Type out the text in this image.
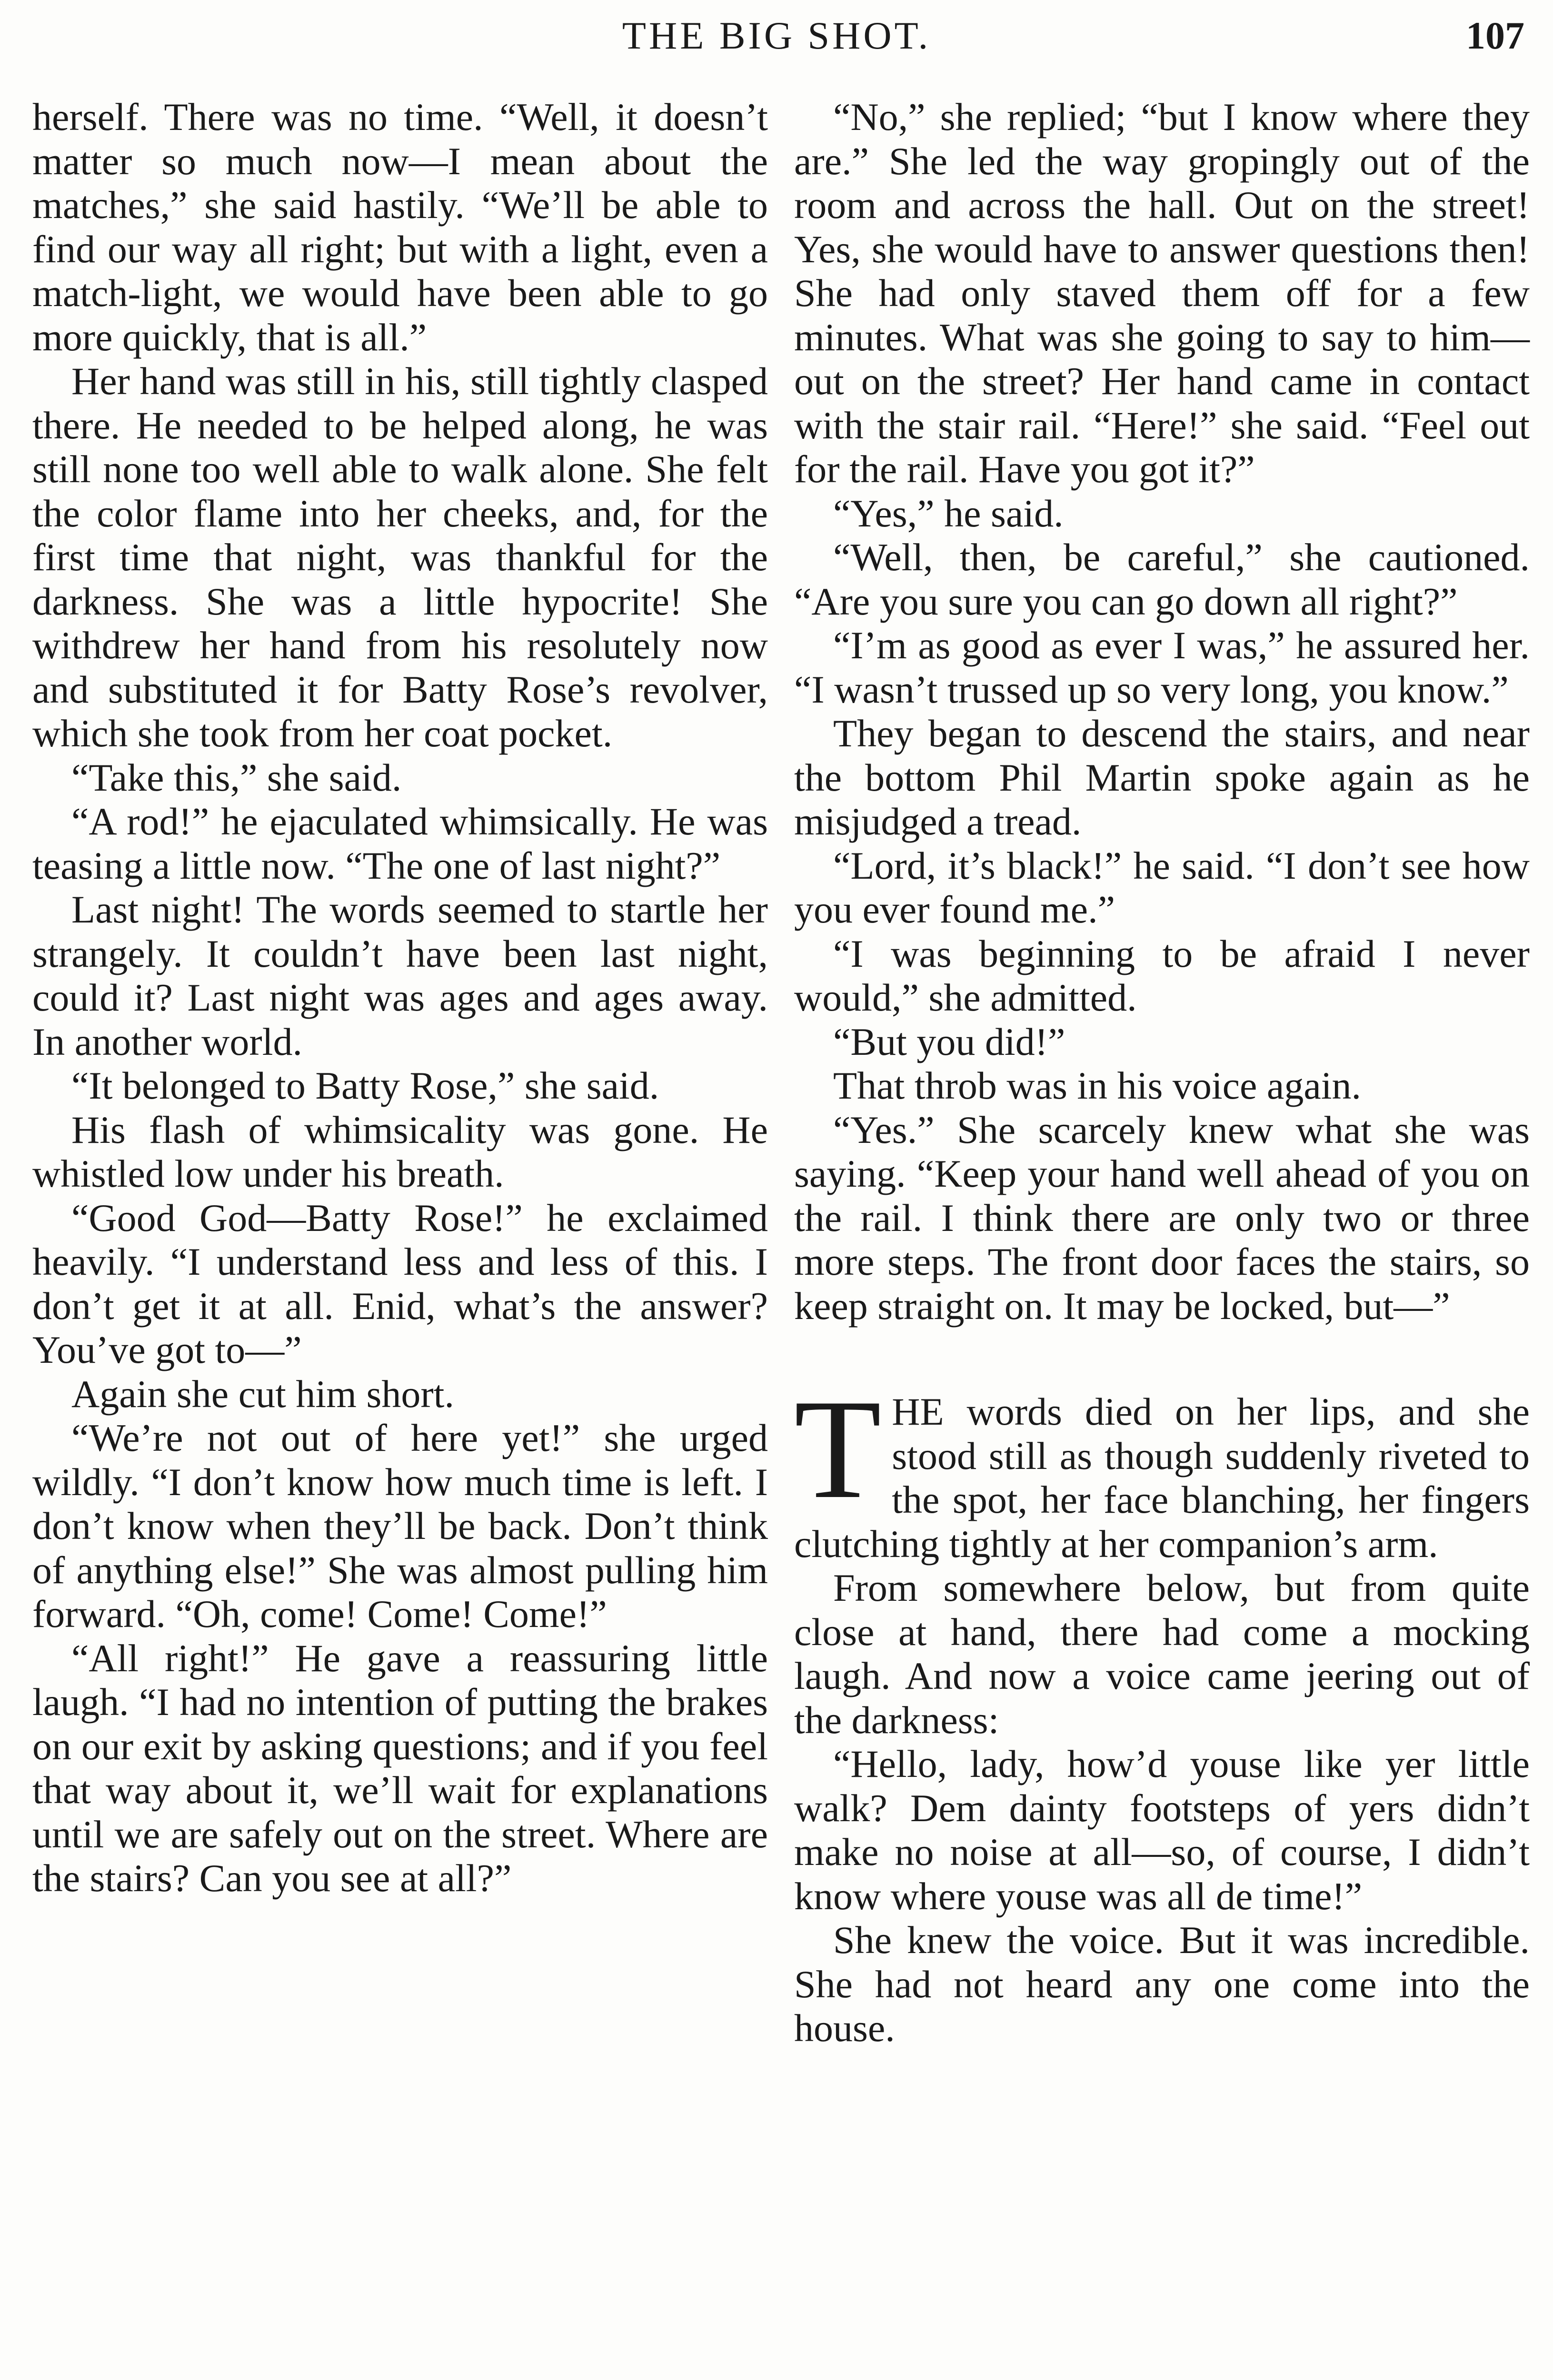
THE BIG SHOT.	107

herself. There was no time. “Well, it doesn’t matter so much now—I mean about the matches,” she said hastily. “We’ll be able to find our way all right; but with a light, even a match-light, we would have been able to go more quickly, that is all.”

Her hand was still in his, still tightly clasped there. He needed to be helped along, he was still none too well able to walk alone. She felt the color flame into her cheeks, and, for the first time that night, was thankful for the darkness. She was a little hypocrite! She withdrew her hand from his resolutely now and substituted it for Batty Rose’s revolver, which she took from her coat pocket.

“Take this,” she said.

“A rod!” he ejaculated whimsically. He was teasing a little now. “The one of last night?”

Last night! The words seemed to startle her strangely. It couldn’t have been last night, could it? Last night was ages and ages away. In another world.

“It belonged to Batty Rose,” she said.

His flash of whimsicality was gone. He whistled low under his breath.

“Good God—Batty Rose!” he exclaimed heavily. “I understand less and less of this. I don’t get it at all. Enid, what’s the answer? You’ve got to—”

Again she cut him short.

“We’re not out of here yet!” she urged wildly. “I don’t know how much time is left. I don’t know when they’ll be back. Don’t think of anything else!” She was almost pulling him forward. “Oh, come! Come! Come!”

“All right!” He gave a reassuring little laugh. “I had no intention of putting the brakes on our exit by asking questions; and if you feel that way about it, we’ll wait for explanations until we are safely out on the street. Where are the stairs? Can you see at all?”

“No,” she replied; “but I know where they are.” She led the way gropingly out of the room and across the hall. Out on the street! Yes, she would have to answer questions then! She had only staved them off for a few minutes. What was she going to say to him—out on the street? Her hand came in contact with the stair rail. “Here!” she said. “Feel out for the rail. Have you got it?”

“Yes,” he said.

“Well, then, be careful,” she cautioned. “Are you sure you can go down all right?”

“I’m as good as ever I was,” he assured her. “I wasn’t trussed up so very long, you know.”

They began to descend the stairs, and near the bottom Phil Martin spoke again as he misjudged a tread.

“Lord, it’s black!” he said. “I don’t see how you ever found me.”

“I was beginning to be afraid I never would,” she admitted.

“But you did!”

That throb was in his voice again.

“Yes.” She scarcely knew what she was saying. “Keep your hand well ahead of you on the rail. I think there are only two or three more steps. The front door faces the stairs, so keep straight on. It may be locked, but—”

THE words died on her lips, and she stood still as though suddenly riveted to the spot, her face blanching, her fingers clutching tightly at her companion’s arm.

From somewhere below, but from quite close at hand, there had come a mocking laugh. And now a voice came jeering out of the darkness:

“Hello, lady, how’d youse like yer little walk? Dem dainty footsteps of yers didn’t make no noise at all—so, of course, I didn’t know where youse was all de time!”

She knew the voice. But it was incredible. She had not heard any one come into the house.
